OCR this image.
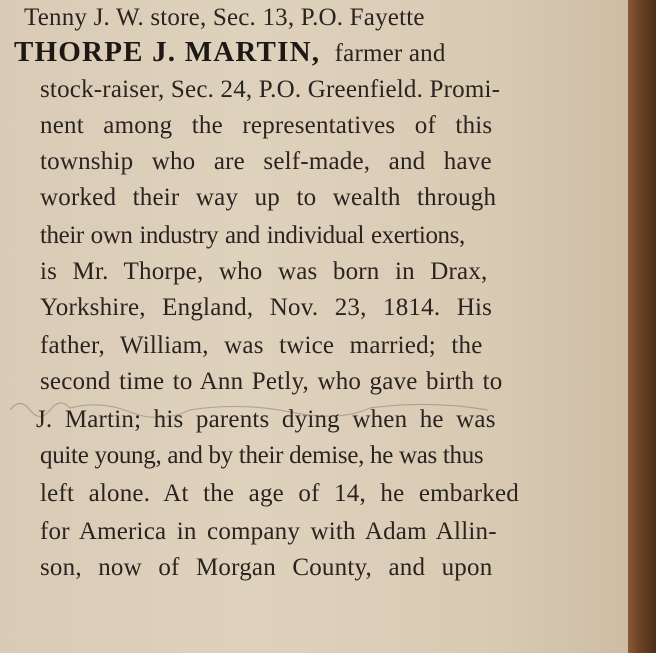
Tenny J. W. store, Sec. 13, P.O. Fayette

THORPE J. MARTIN, farmer and

stock-raiser, Sec. 24, P.O. Greenfield. Promi-

nent among the representatives of this

township who are self-made, and have

worked their way up to wealth through

their own industry and individual exertions,

is Mr. Thorpe, who was born in Drax,

Yorkshire, England, Nov. 23, 1814. His

father, William, was twice married; the

second time to Ann Petly, who gave birth to

J. Martin; his parents dying when he was

quite young, and by their demise, he was thus

left alone. At the age of 14, he embarked

for America in company with Adam Allin-

son, now of Morgan County, and upon
